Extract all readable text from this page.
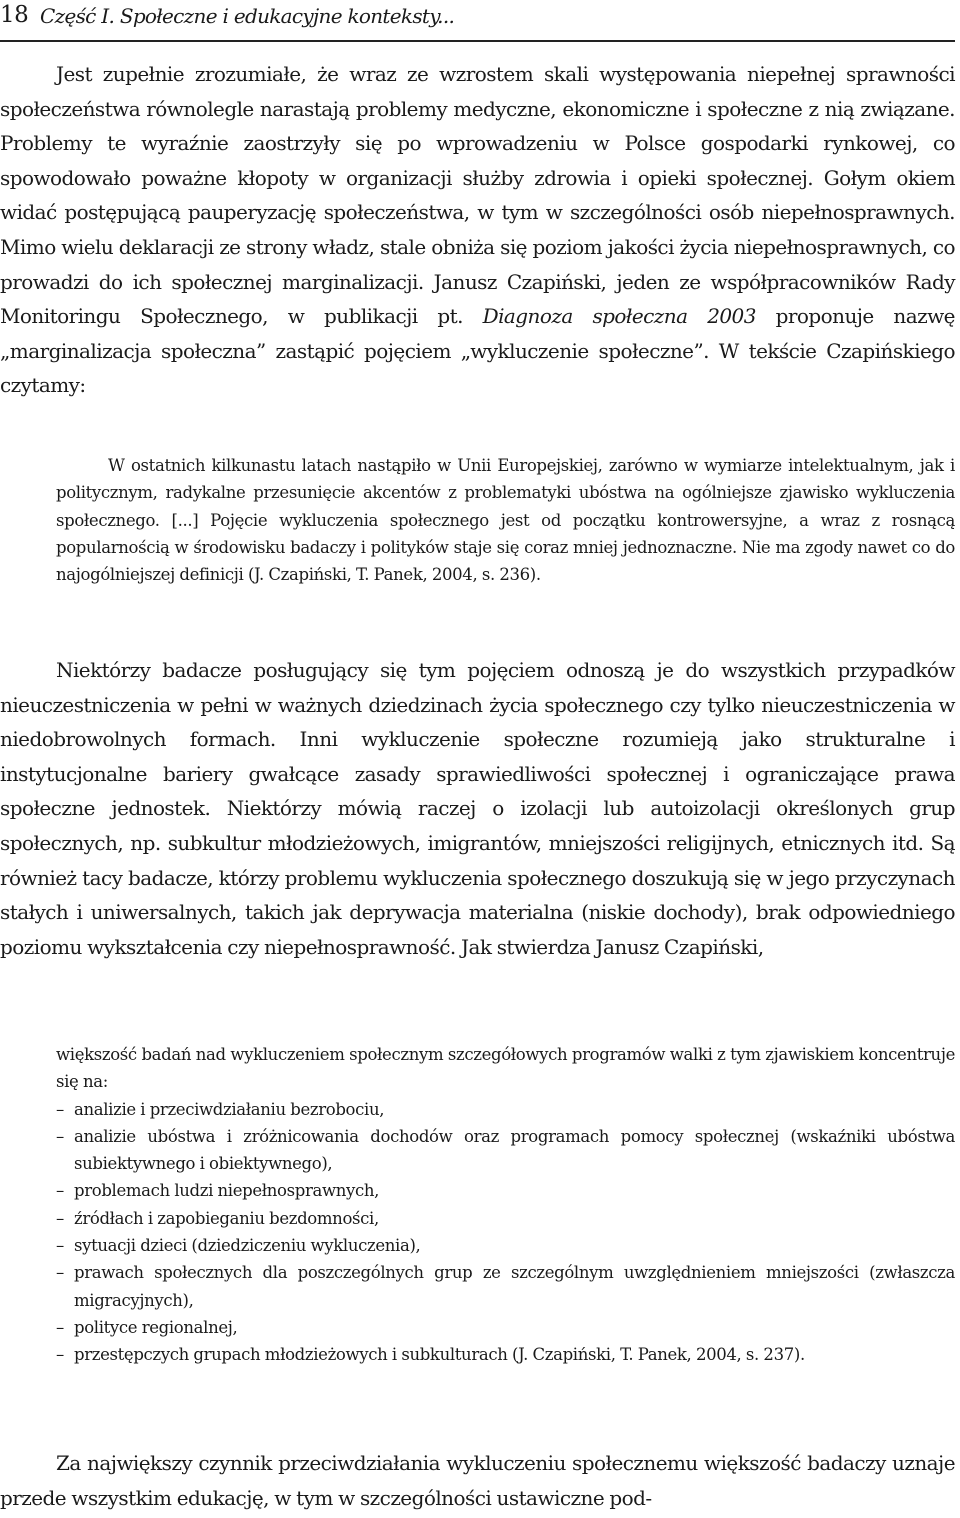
18 Część I. Społeczne i edukacyjne konteksty...

Jest zupełnie zrozumiałe, że wraz ze wzrostem skali występowania niepełnej sprawności społeczeństwa równolegle narastają problemy medyczne, ekonomiczne i społeczne z nią związane. Problemy te wyraźnie zaostrzyły się po wprowadzeniu w Polsce gospodarki rynkowej, co spowodowało poważne kłopoty w organizacji służby zdrowia i opieki społecznej. Gołym okiem widać postępującą pauperyzację społeczeństwa, w tym w szczególności osób niepełnosprawnych. Mimo wielu deklaracji ze strony władz, stale obniża się poziom jakości życia niepełnosprawnych, co prowadzi do ich społecznej marginalizacji. Janusz Czapiński, jeden ze współpracowników Rady Monitoringu Społecznego, w publikacji pt. Diagnoza społeczna 2003 proponuje nazwę „marginalizacja społeczna” zastąpić pojęciem „wykluczenie społeczne”. W tekście Czapińskiego czytamy:

W ostatnich kilkunastu latach nastąpiło w Unii Europejskiej, zarówno w wymiarze intelektualnym, jak i politycznym, radykalne przesunięcie akcentów z problematyki ubóstwa na ogólniejsze zjawisko wykluczenia społecznego. [...] Pojęcie wykluczenia społecznego jest od początku kontrowersyjne, a wraz z rosnącą popularnością w środowisku badaczy i polityków staje się coraz mniej jednoznaczne. Nie ma zgody nawet co do najogólniejszej definicji (J. Czapiński, T. Panek, 2004, s. 236).

Niektórzy badacze posługujący się tym pojęciem odnoszą je do wszystkich przypadków nieuczestniczenia w pełni w ważnych dziedzinach życia społecznego czy tylko nieuczestniczenia w niedobrowolnych formach. Inni wykluczenie społeczne rozumieją jako strukturalne i instytucjonalne bariery gwałcące zasady sprawiedliwości społecznej i ograniczające prawa społeczne jednostek. Niektórzy mówią raczej o izolacji lub autoizolacji określonych grup społecznych, np. subkultur młodzieżowych, imigrantów, mniejszości religijnych, etnicznych itd. Są również tacy badacze, którzy problemu wykluczenia społecznego doszukują się w jego przyczynach stałych i uniwersalnych, takich jak deprywacja materialna (niskie dochody), brak odpowiedniego poziomu wykształcenia czy niepełnosprawność. Jak stwierdza Janusz Czapiński,

większość badań nad wykluczeniem społecznym szczegółowych programów walki z tym zjawiskiem koncentruje się na:
– analizie i przeciwdziałaniu bezrobociu,
– analizie ubóstwa i zróżnicowania dochodów oraz programach pomocy społecznej (wskaźniki ubóstwa subiektywnego i obiektywnego),
– problemach ludzi niepełnosprawnych,
– źródłach i zapobieganiu bezdomności,
– sytuacji dzieci (dziedziczeniu wykluczenia),
– prawach społecznych dla poszczególnych grup ze szczególnym uwzględnieniem mniejszości (zwłaszcza migracyjnych),
– polityce regionalnej,
– przestępczych grupach młodzieżowych i subkulturach (J. Czapiński, T. Panek, 2004, s. 237).

Za największy czynnik przeciwdziałania wykluczeniu społecznemu większość badaczy uznaje przede wszystkim edukację, w tym w szczególności ustawiczne pod-
